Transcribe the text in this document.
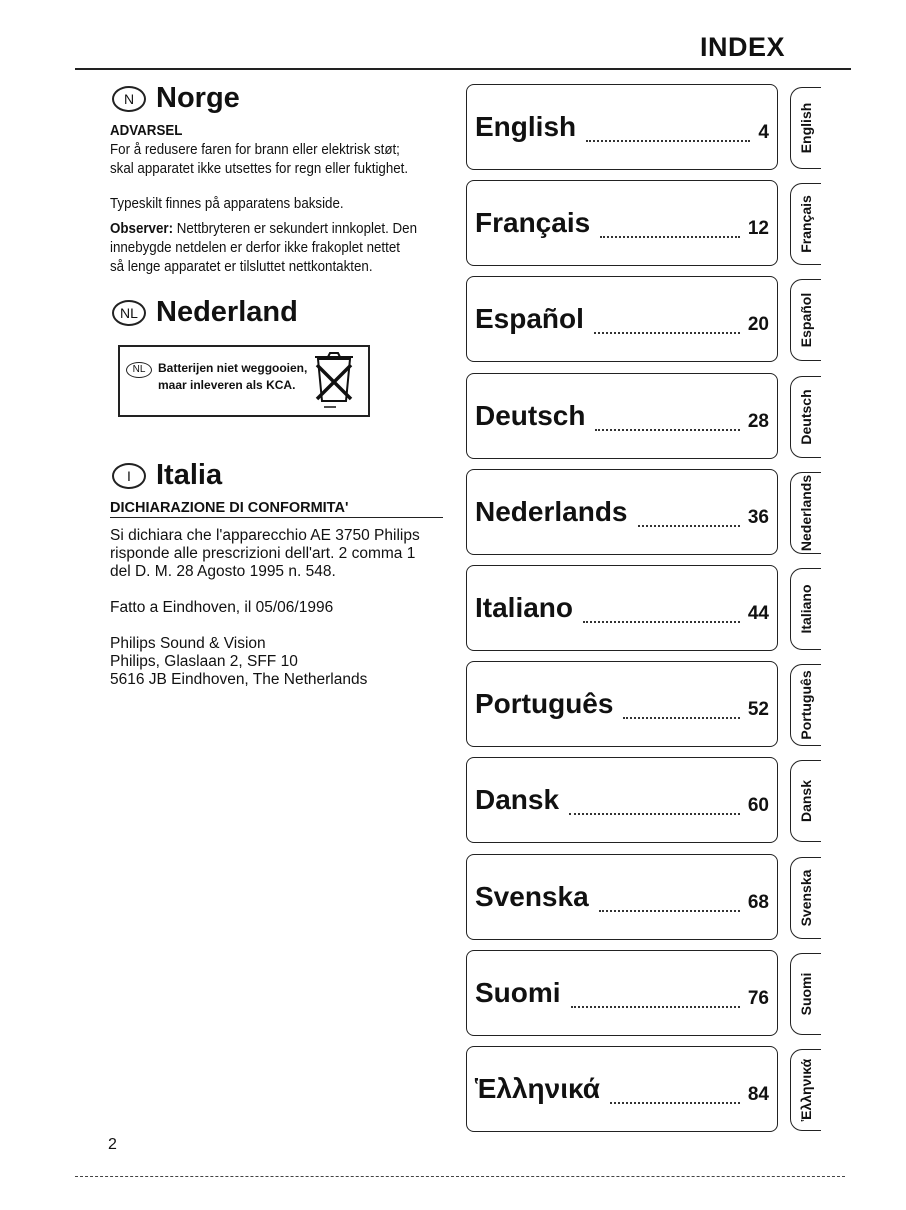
INDEX
N Norge

ADVARSEL

For å redusere faren for brann eller elektrisk støt;

skal apparatet ikke utsettes for regn eller fuktighet.

Typeskilt finnes på apparatens bakside.

Observer: Nettbryteren er sekundert innkoplet. Den

innebygde netdelen er derfor ikke frakoplet nettet

så lenge apparatet er tilsluttet nettkontakten.

NL Nederland
NL Batterijen niet weggooien,
maar inleveren als KCA.
I Italia
DICHIARAZIONE DI CONFORMITA'

Si dichiara che l'apparecchio AE 3750 Philips

risponde alle prescrizioni dell'art. 2 comma 1

del D. M. 28 Agosto 1995 n. 548.

Fatto a Eindhoven, il 05/06/1996

Philips Sound & Vision

Philips, Glaslaan 2, SFF 10

5616 JB Eindhoven, The Netherlands

English	4 English
Français	12 Français
Español	20 Español
Deutsch	28 Deutsch
Nederlands	36 Nederlands
Italiano	44 Italiano
Português	52 Português
Dansk	60 Dansk
Svenska	68 Svenska
Suomi	76 Suomi
Ἑλληνικά	84 Ἑλληνικά
2
